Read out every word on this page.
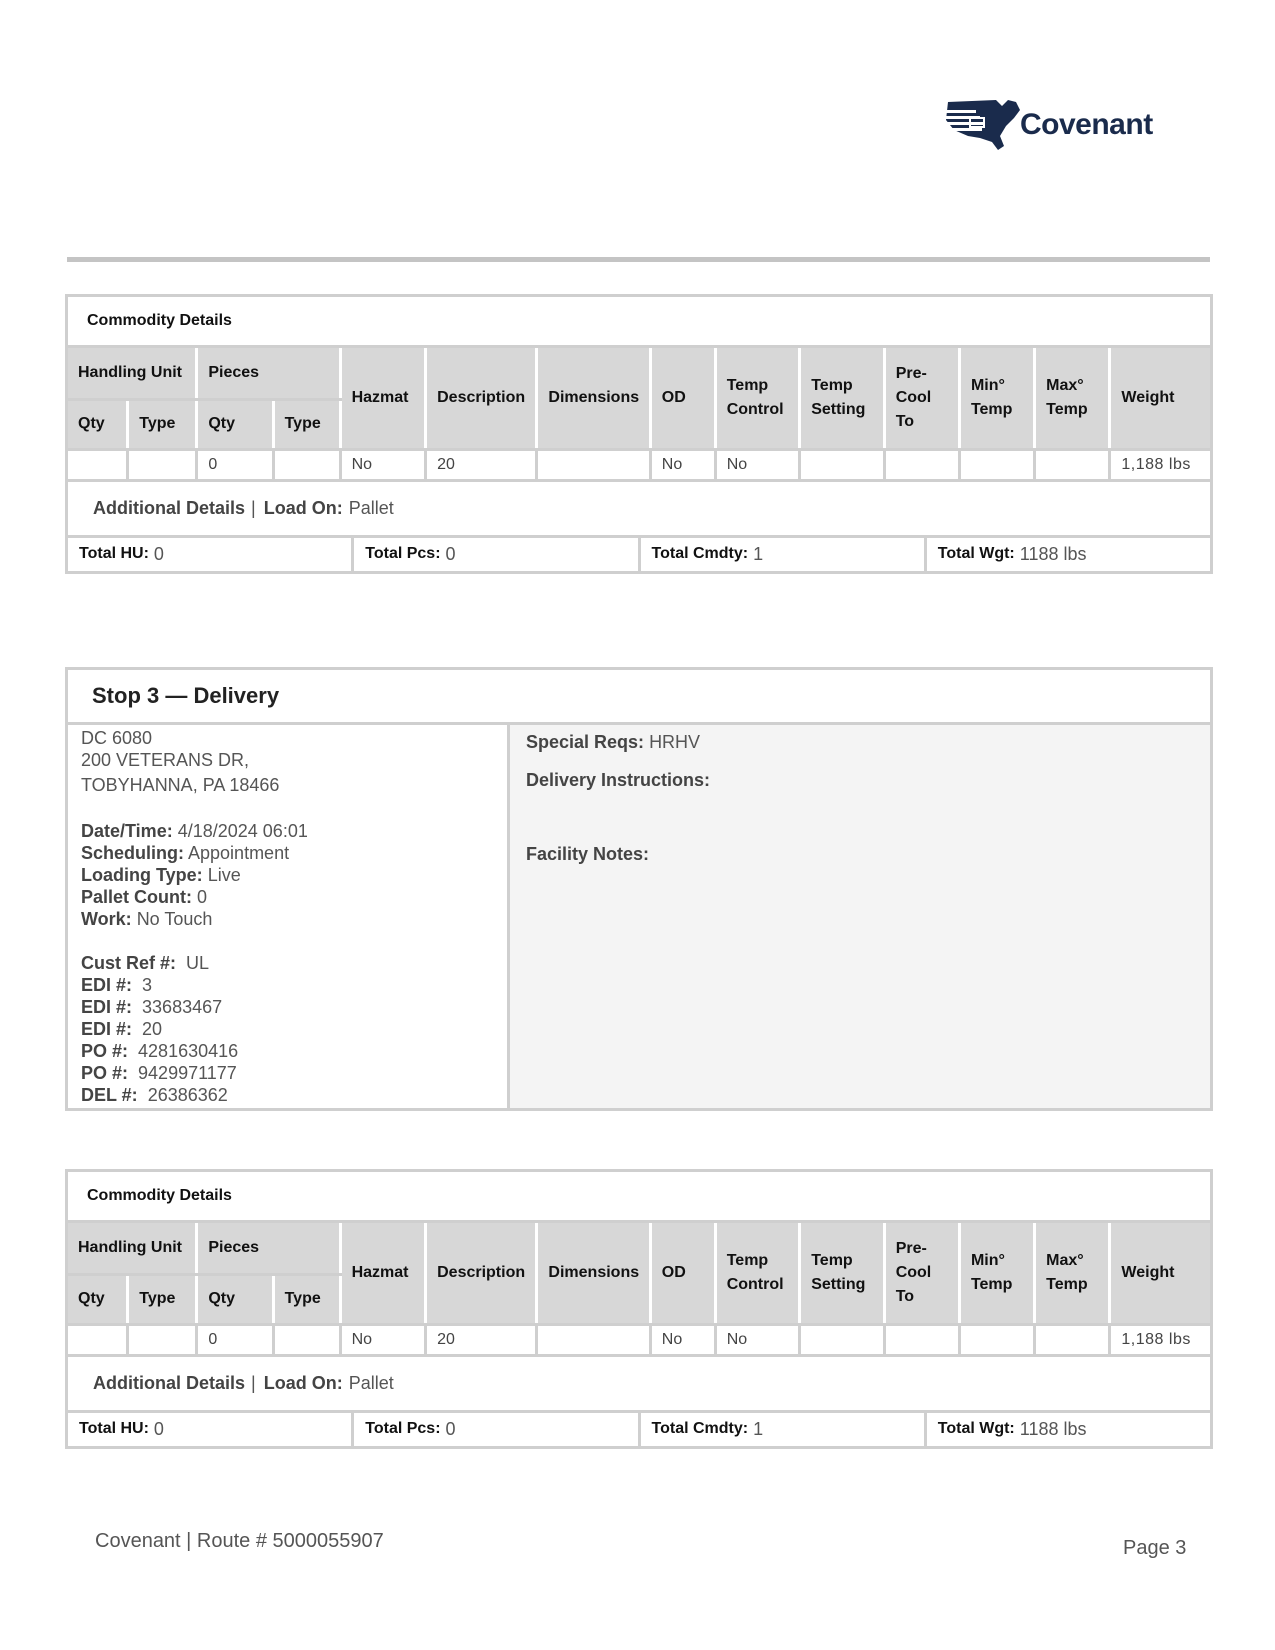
Covenant
Commodity Details
Handling Unit		Pieces		Hazmat	Description	Dimensions	OD	Temp Control	Temp Setting	Pre-Cool To	Min° Temp	Max° Temp	Weight
Qty	Type	Qty	Type										
		0		No	20		No	No					1,188 lbs
Additional Details | Load On: Pallet
Total HU: 0	Total Pcs: 0	Total Cmdty: 1	Total Wgt: 1188 lbs
Stop 3 — Delivery
DC 6080
200 VETERANS DR,
TOBYHANNA, PA 18466
Date/Time: 4/18/2024 06:01
Scheduling: Appointment
Loading Type: Live
Pallet Count: 0
Work: No Touch
Cust Ref #: UL
EDI #: 3
EDI #: 33683467
EDI #: 20
PO #: 4281630416
PO #: 9429971177
DEL #: 26386362
Special Reqs: HRHV
Delivery Instructions:
Facility Notes:
Commodity Details
Handling Unit		Pieces		Hazmat	Description	Dimensions	OD	Temp Control	Temp Setting	Pre-Cool To	Min° Temp	Max° Temp	Weight
Qty	Type	Qty	Type										
		0		No	20		No	No					1,188 lbs
Additional Details | Load On: Pallet
Total HU: 0	Total Pcs: 0	Total Cmdty: 1	Total Wgt: 1188 lbs
Covenant | Route # 5000055907	Page 3
